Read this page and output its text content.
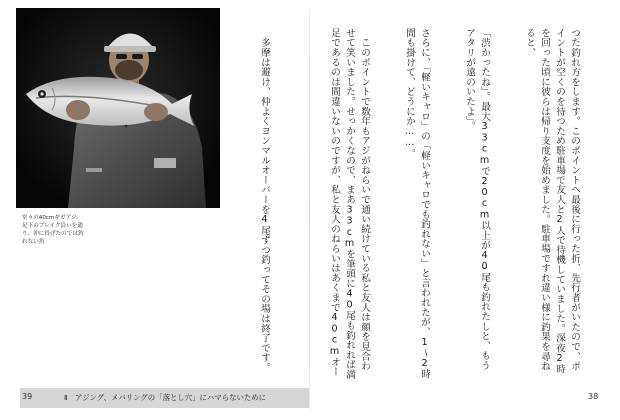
堂々の40cmギガアジ。
足下のブレイク沿いを通
り、沖に投げたのでは釣
れない魚

	　多摩は避け、仲よくヨンマルオーバーを4尾ずつ釣ってその場は終了です。

	つた釣れ方をします。このポイントへ最後に行った折、先行者がいたので、ポイントが空くのを待つため駐車場で友人と2人で待機していました。深夜2時を回った頃に彼らは帰り支度を始めました。駐車場ですれ違い様に釣果を尋ねると、

「渋かったね」。最大33cmで20cm以上が40尾も釣れたしと、もうアタリが遠のいたよ」。

さらに、「軽いキャロ」の「軽いキャロでも釣れない」と言われたが、1～2時間も掛けて、どうにか……。

　このポイントで数年もアジがねらいで通い続けている私と友人は顔を見合わせて笑いました。せっかくなので、まあ33cmを筆頭に40尾も釣れれば満足であるのは間違いないのですが、私と友人のねらいはあくまで40cmオー

39	Ⅱ　アジング、メバリングの「落とし穴」にハマらないために	38
